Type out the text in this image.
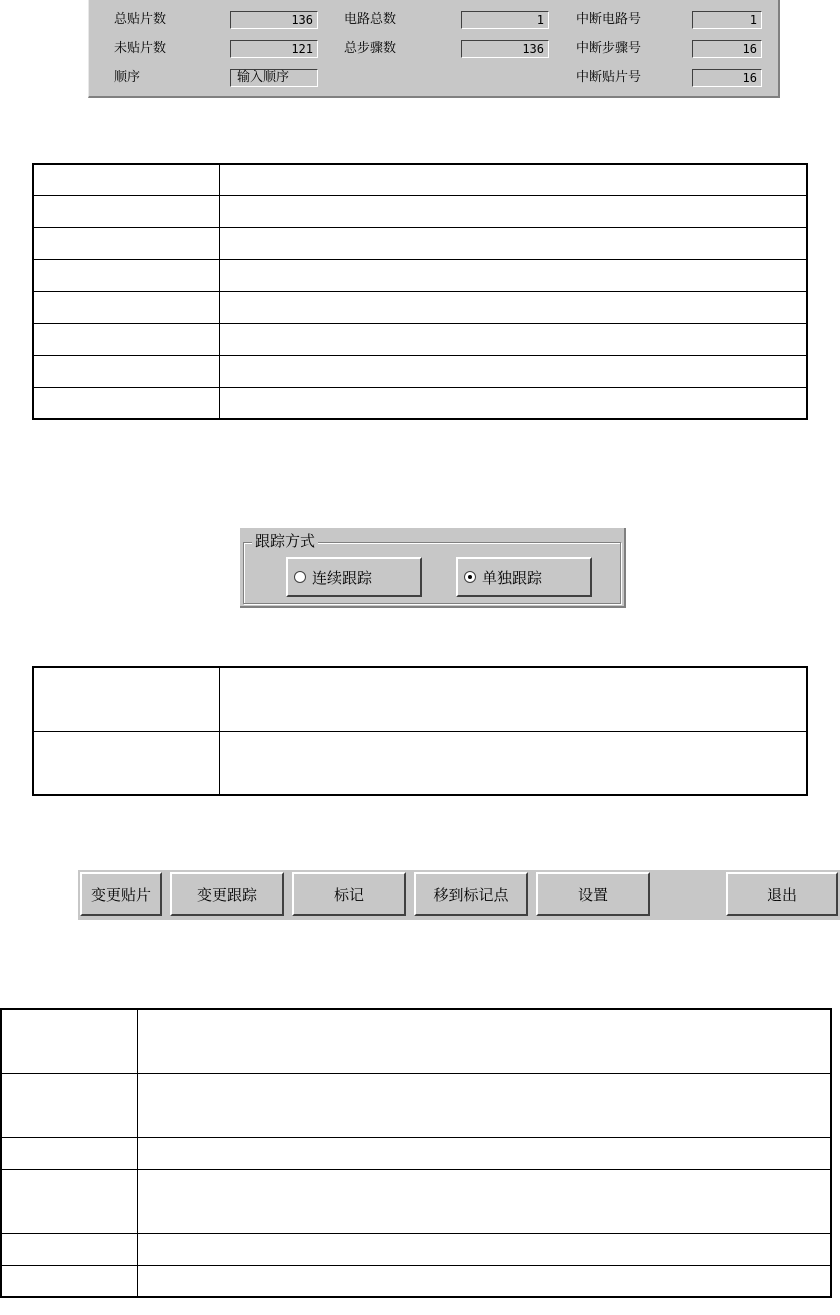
总贴片数	136
未贴片数	121
顺序	输入顺序
电路总数	1
总步骤数	136
中断电路号	1
中断步骤号	16
中断贴片号	16

跟踪方式
连续跟踪	单独跟踪

变更贴片	变更跟踪	标记	移到标记点	设置	退出
